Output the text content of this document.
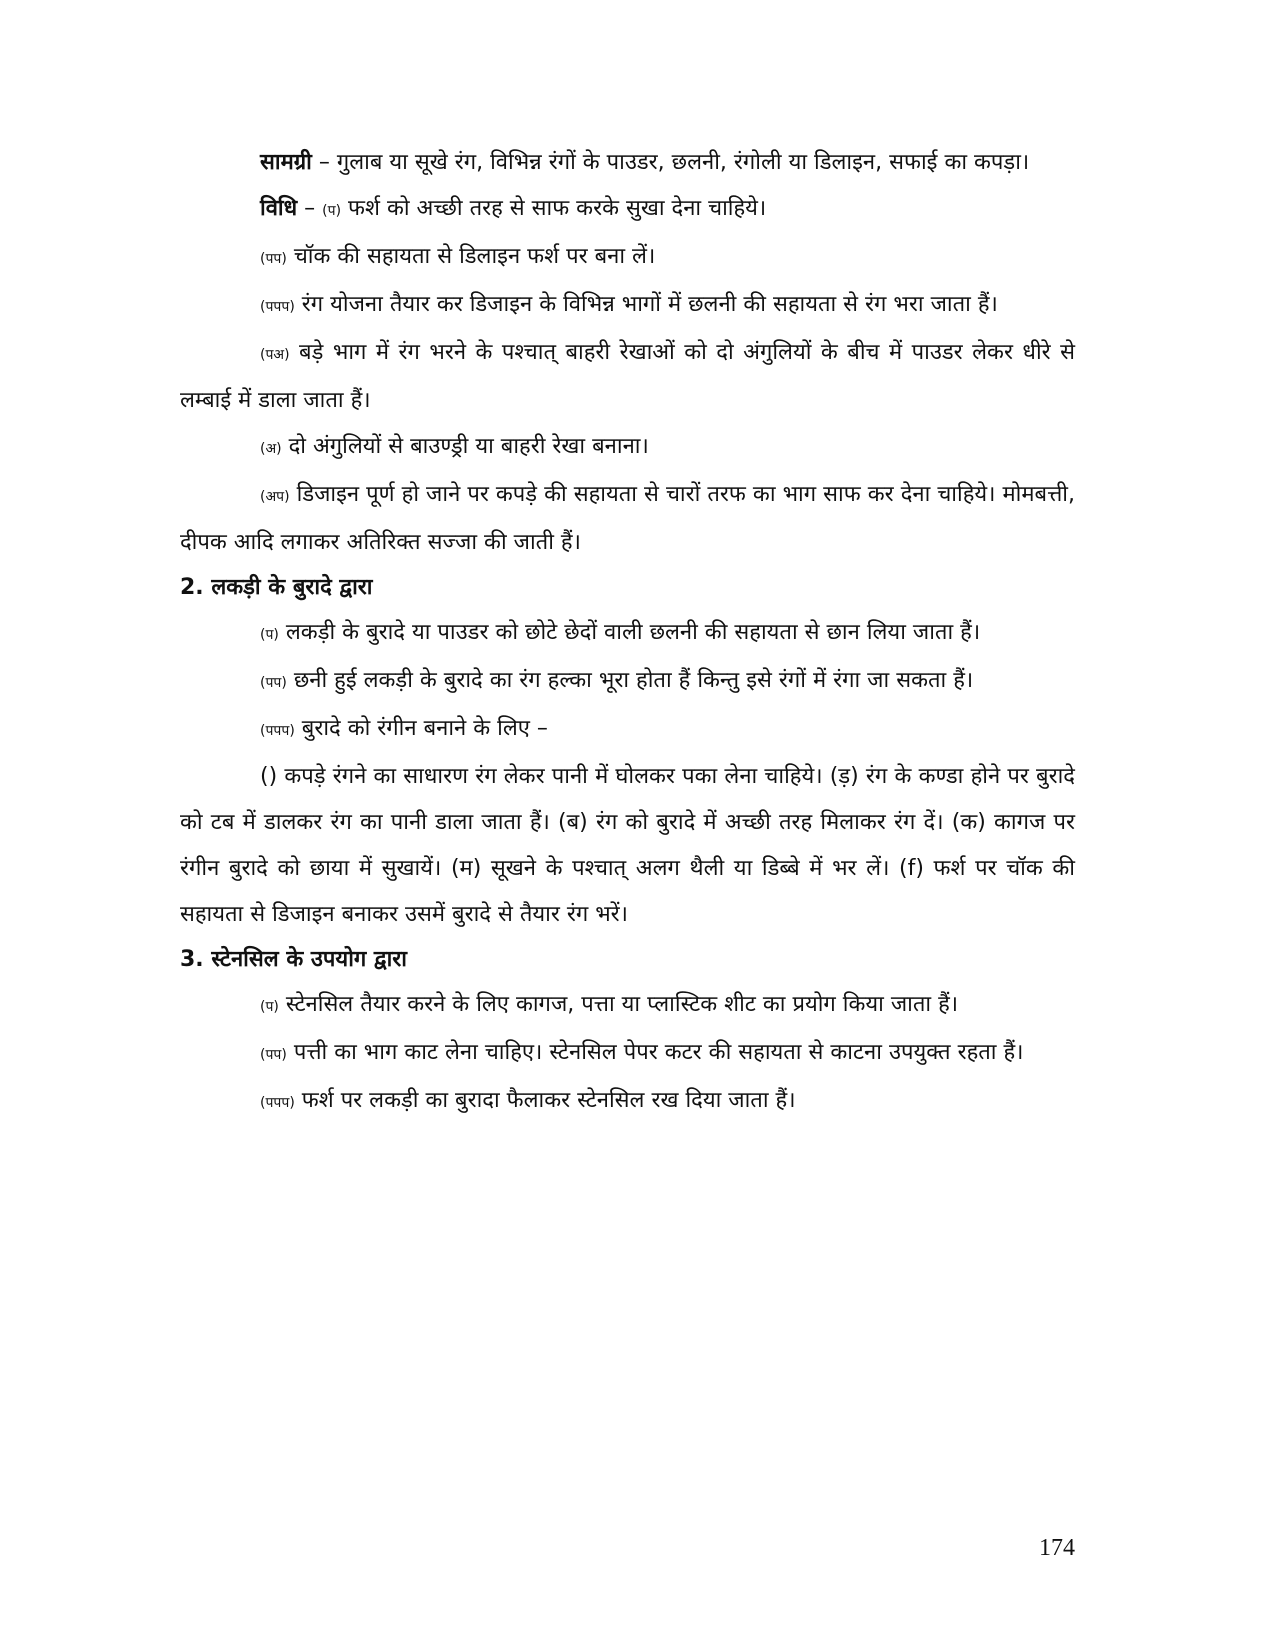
सामग्री – गुलाब या सूखे रंग, विभिन्न रंगों के पाउडर, छलनी, रंगोली या डिलाइन, सफाई का कपड़ा।

विधि – (प) फर्श को अच्छी तरह से साफ करके सुखा देना चाहिये।

(पप) चॉक की सहायता से डिलाइन फर्श पर बना लें।

(पपप) रंग योजना तैयार कर डिजाइन के विभिन्न भागों में छलनी की सहायता से रंग भरा जाता हैं।

(पअ) बड़े भाग में रंग भरने के पश्चात् बाहरी रेखाओं को दो अंगुलियों के बीच में पाउडर लेकर धीरे से लम्बाई में डाला जाता हैं।

(अ) दो अंगुलियों से बाउण्ड्री या बाहरी रेखा बनाना।

(अप) डिजाइन पूर्ण हो जाने पर कपड़े की सहायता से चारों तरफ का भाग साफ कर देना चाहिये। मोमबत्ती, दीपक आदि लगाकर अतिरिक्त सज्जा की जाती हैं।

2. लकड़ी के बुरादे द्वारा

(प) लकड़ी के बुरादे या पाउडर को छोटे छेदों वाली छलनी की सहायता से छान लिया जाता हैं।

(पप) छनी हुई लकड़ी के बुरादे का रंग हल्का भूरा होता हैं किन्तु इसे रंगों में रंगा जा सकता हैं।

(पपप) बुरादे को रंगीन बनाने के लिए –

() कपड़े रंगने का साधारण रंग लेकर पानी में घोलकर पका लेना चाहिये। (ड़) रंग के कण्डा होने पर बुरादे को टब में डालकर रंग का पानी डाला जाता हैं। (ब) रंग को बुरादे में अच्छी तरह मिलाकर रंग दें। (क) कागज पर रंगीन बुरादे को छाया में सुखायें। (म) सूखने के पश्चात् अलग थैली या डिब्बे में भर लें। (f) फर्श पर चॉक की सहायता से डिजाइन बनाकर उसमें बुरादे से तैयार रंग भरें।

3. स्टेनसिल के उपयोग द्वारा

(प) स्टेनसिल तैयार करने के लिए कागज, पत्ता या प्लास्टिक शीट का प्रयोग किया जाता हैं।

(पप) पत्ती का भाग काट लेना चाहिए। स्टेनसिल पेपर कटर की सहायता से काटना उपयुक्त रहता हैं।

(पपप) फर्श पर लकड़ी का बुरादा फैलाकर स्टेनसिल रख दिया जाता हैं।

174
